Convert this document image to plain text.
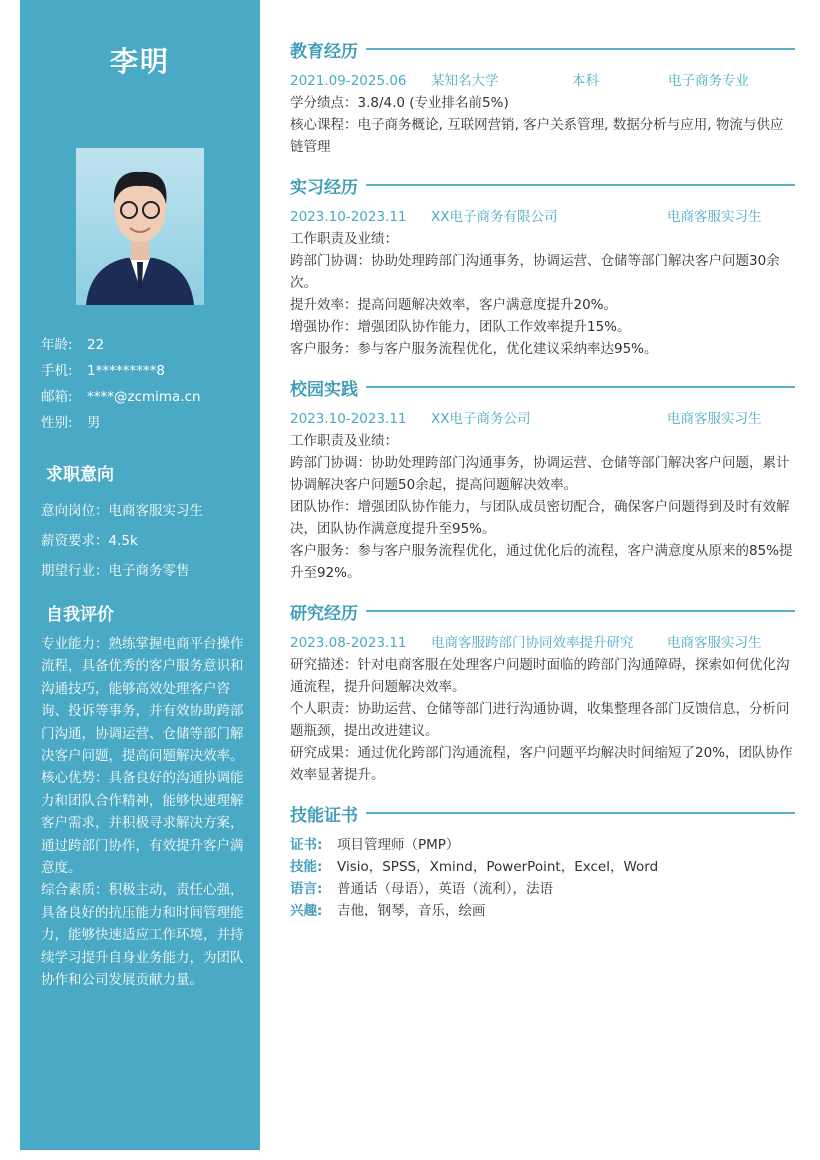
李明
年龄: 22
手机: 1*********8
邮箱: ****@zcmima.cn
性别: 男
求职意向
意向岗位：电商客服实习生
薪资要求：4.5k
期望行业：电子商务零售
自我评价
专业能力：熟练掌握电商平台操作流程，具备优秀的客户服务意识和沟通技巧，能够高效处理客户咨询、投诉等事务，并有效协助跨部门沟通，协调运营、仓储等部门解决客户问题，提高问题解决效率。
核心优势：具备良好的沟通协调能力和团队合作精神，能够快速理解客户需求，并积极寻求解决方案，通过跨部门协作，有效提升客户满意度。
综合素质：积极主动，责任心强，具备良好的抗压能力和时间管理能力，能够快速适应工作环境，并持续学习提升自身业务能力，为团队协作和公司发展贡献力量。
教育经历
2021.09-2025.06	某知名大学	本科	电子商务专业

学分绩点：3.8/4.0 (专业排名前5%)

核心课程：电子商务概论, 互联网营销, 客户关系管理, 数据分析与应用, 物流与供应链管理

实习经历
2023.10-2023.11	XX电子商务有限公司	电商客服实习生

工作职责及业绩：

跨部门协调：协助处理跨部门沟通事务，协调运营、仓储等部门解决客户问题30余次。

提升效率：提高问题解决效率，客户满意度提升20%。

增强协作：增强团队协作能力，团队工作效率提升15%。

客户服务：参与客户服务流程优化，优化建议采纳率达95%。

校园实践
2023.10-2023.11	XX电子商务公司	电商客服实习生

工作职责及业绩：

跨部门协调：协助处理跨部门沟通事务，协调运营、仓储等部门解决客户问题，累计协调解决客户问题50余起，提高问题解决效率。

团队协作：增强团队协作能力，与团队成员密切配合，确保客户问题得到及时有效解决，团队协作满意度提升至95%。

客户服务：参与客户服务流程优化，通过优化后的流程，客户满意度从原来的85%提升至92%。

研究经历
2023.08-2023.11	电商客服跨部门协同效率提升研究	电商客服实习生

研究描述：针对电商客服在处理客户问题时面临的跨部门沟通障碍，探索如何优化沟通流程，提升问题解决效率。

个人职责：协助运营、仓储等部门进行沟通协调，收集整理各部门反馈信息，分析问题瓶颈，提出改进建议。

研究成果：通过优化跨部门沟通流程，客户问题平均解决时间缩短了20%，团队协作效率显著提升。

技能证书

证书: 项目管理师（PMP）

技能: Visio，SPSS，Xmind，PowerPoint，Excel，Word

语言: 普通话（母语），英语（流利），法语

兴趣: 吉他，钢琴，音乐，绘画
